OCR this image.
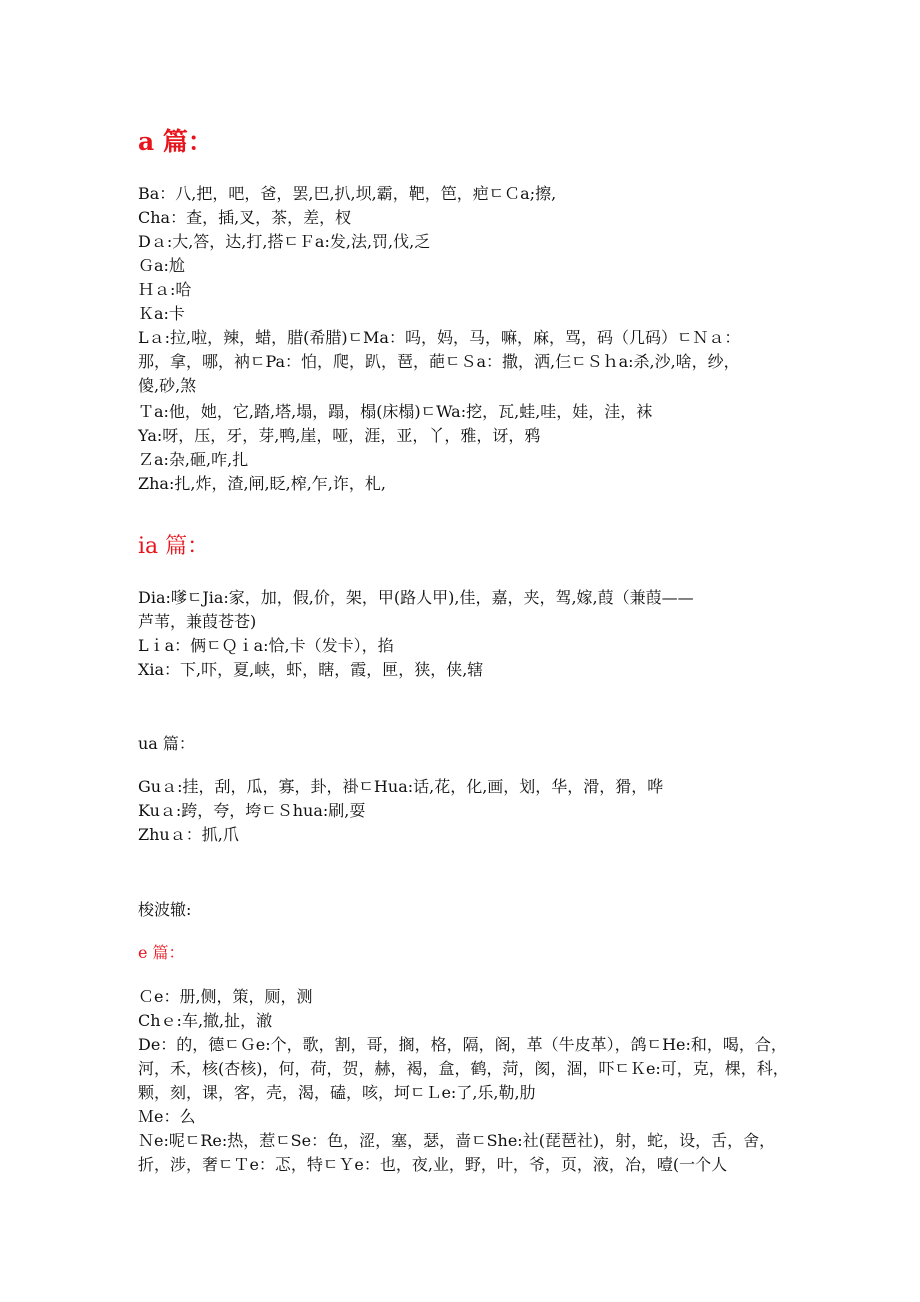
a 篇：
Ba：八,把，吧，爸，罢,巴,扒,坝,霸，靶，笆，疤ﾧＣa;擦,
Cha：查，插,叉，茶，差，杈
Dａ:大,答，达,打,搭ﾧＦa:发,法,罚,伐,乏
Ｇa:尬
Ｈａ:哈
Ｋa:卡
Lａ:拉,啦，辣，蜡，腊(希腊)ﾧMa：吗，妈，马，嘛，麻，骂，码（几码）ﾧＮａ：
那，拿，哪，衲ﾧPa：怕，爬，趴，琶，葩ﾧＳa：撒，洒,仨ﾧＳｈa:杀,沙,啥，纱，
傻,砂,煞
Ｔa:他，她，它,踏,塔,塌，蹋，榻(床榻)ﾧWa:挖，瓦,蛙,哇，娃，洼，袜
Ya:呀，压，牙，芽,鸭,崖，哑，涯，亚，丫，雅，讶，鸦
Ｚa:杂,砸,咋,扎
Zha:扎,炸，渣,闸,眨,榨,乍,诈，札,
ia 篇：
Dia:嗲ﾧJia:家，加，假,价，架，甲(路人甲),佳，嘉，夹，驾,嫁,葭（兼葭——
芦苇，兼葭苍苍)
Lｉa：俩ﾧＱｉa:恰,卡（发卡），掐
Xia：下,吓，夏,峡，虾，瞎，霞，匣，狭，侠,辖
ua 篇：
Guａ:挂，刮，瓜，寡，卦，褂ﾧHua:话,花，化,画，划，华，滑，猾，哗
Kuａ:跨，夸，垮ﾧＳhua:刷,耍
Zhuａ：抓,爪
梭波辙:
e 篇：
Ｃe：册,侧，策，厕，测
Chｅ:车,撤,扯，澈
De：的，德ﾧＧe:个，歌，割，哥，搁，格，隔，阁，革（牛皮革），鸽ﾧHe:和，喝，合，
河，禾，核(杏核)，何，荷，贺，赫，褐，盒，鹤，菏，阂，涸，吓ﾧＫe:可，克，棵，科，
颗，刻，课，客，壳，渴，磕，咳，坷ﾧＬe:了,乐,勒,肋
Ｍe：么
Ｎe:呢ﾧRe:热，惹ﾧSe：色，涩，塞，瑟，啬ﾧShe:社(琵琶社)，射，蛇，设，舌，舍，
折，涉，奢ﾧＴe：忑，特ﾧＹe：也，夜,业，野，叶，爷，页，液，冶，噎(一个人
